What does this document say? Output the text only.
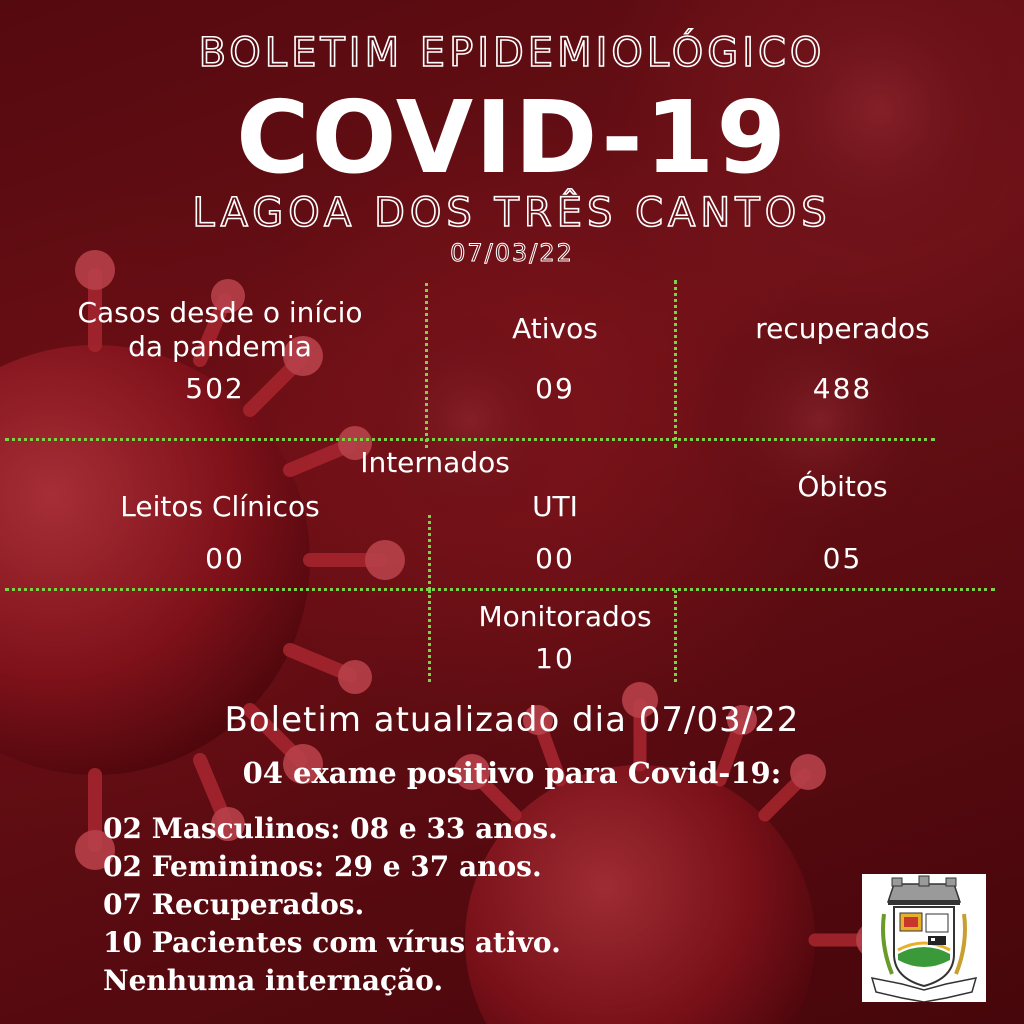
BOLETIM EPIDEMIOLÓGICO
COVID-19
LAGOA DOS TRÊS CANTOS
07/03/22
Casos desde o início da pandemia
502
Ativos
09
recuperados
488
Internados
Leitos Clínicos
00
UTI
00
Óbitos
05
Monitorados
10
Boletim atualizado dia 07/03/22
04 exame positivo para Covid-19:
02 Masculinos: 08 e 33 anos.
02 Femininos: 29 e 37 anos.
07 Recuperados.
10 Pacientes com vírus ativo.
Nenhuma internação.
